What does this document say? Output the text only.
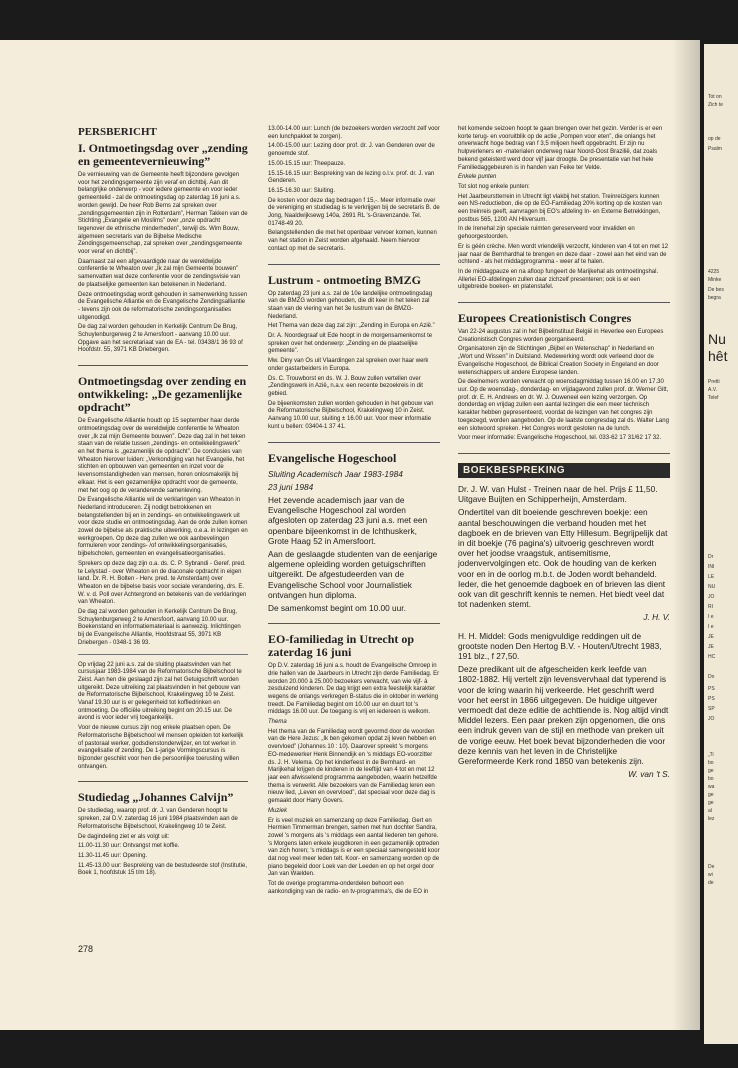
PERSBERICHT
I. Ontmoetingsdag over „zending en gemeentevernieuwing”

De vernieuwing van de Gemeente heeft bijzondere gevolgen voor het zendingsgemeente zijn veraf en dichtbij. Aan dit belangrijke onderwerp - voor iedere gemeente en voor ieder gemeentelid - zal de ontmoetingsdag op zaterdag 16 juni a.s. worden gewijd. De heer Rob Berns zal spreken over „zendingsgemeenten zijn in Rotterdam”, Herman Takken van de Stichting „Evangelie en Moslims” over „onze opdracht tegenover de ethnische minderheden”, terwijl ds. Wim Bouw, algemeen secretaris van de Bijbelse Medische Zendingsgemeenschap, zal spreken over „zendingsgemeente voor veraf en dichtbij”.

Daarnaast zal een afgevaardigde naar de wereldwijde conferentie te Wheaton over „Ik zal mijn Gemeente bouwen” samenvatten wat deze conferentie voor de zendingsvisie van de plaatselijke gemeenten kan betekenen in Nederland.

Deze ontmoetingsdag wordt gehouden in samenwerking tussen de Evangelische Alliantie en de Evangelische Zendingsalliantie - tevens zijn ook de reformatorische zendingsorganisaties uitgenodigd.

De dag zal worden gehouden in Kerkelijk Centrum De Brug, Schuylenburgerweg 2 te Amersfoort - aanvang 10.00 uur. Opgave aan het secretariaat van de EA - tel. 03438/1 36 93 of Hoofdstr. 55, 3971 KB Driebergen.

Ontmoetingsdag over zending en ontwikkeling: „De gezamenlijke opdracht”

De Evangelische Alliantie houdt op 15 september haar derde ontmoetingsdag over de wereldwijde conferentie te Wheaton over „Ik zal mijn Gemeente bouwen”. Deze dag zal in het teken staan van de relatie tussen „zendings- en ontwikkelingswerk” en het thema is „gezamenlijk de opdracht”. De conclusies van Wheaton hierover luiden: „Verkondiging van het Evangelie, het stichten en opbouwen van gemeenten en inzet voor de levensomstandigheden van mensen, horen onlosmakelijk bij elkaar. Het is een gezamenlijke opdracht voor de gemeente, met het oog op de veranderende samenleving.

De Evangelische Alliantie wil de verklaringen van Wheaton in Nederland introduceren. Zij nodigt betrokkenen en belangstellenden bij en in zendings- en ontwikkelingswerk uit voor deze studie en ontmoetingsdag. Aan de orde zullen komen zowel de bijbelse als praktische uitwerking, o.e.a. in lezingen en werkgroepen. Op deze dag zullen we ook aanbevelingen formuleren voor zendings- /of ontwikkelingsorganisaties, bijbelscholen, gemeenten en evangelisatieorganisaties.

Sprekers op deze dag zijn o.a. ds. C. P. Sybrandi - Geref. pred. te Lelystad - over Wheaton en de diaconale opdracht in eigen land. Dr. R. H. Bolten - Herv. pred. te Amsterdam) over Wheaton en de bijbelse basis voor sociale verandering, drs. E. W. v. d. Poll over Achtergrond en betekenis van de verklaringen van Wheaton.

De dag zal worden gehouden in Kerkelijk Centrum De Brug, Schuylenburgerweg 2 te Amersfoort, aanvang 10.00 uur. Boekenstand en informatiemateriaal is aanwezig. Inlichtingen bij de Evangelische Alliantie, Hoofdstraat 55, 3971 KB Driebergen - 0348-1 36 93.

Op vrijdag 22 juni a.s. zal de sluiting plaatsvinden van het cursusjaar 1983-1984 van de Reformatorische Bijbelschool te Zeist. Aan hen die geslaagd zijn zal het Getuigschrift worden uitgereikt. Deze uitreiking zal plaatsvinden in het gebouw van de Reformatorische Bijbelschool, Krakelingweg 10 te Zeist. Vanaf 19.30 uur is er gelegenheid tot koffiedrinken en ontmoeting. De officiële uitreiking begint om 20.15 uur. De avond is voor ieder vrij toegankelijk.

Voor de nieuwe cursus zijn nog enkele plaatsen open. De Reformatorische Bijbelschool wil mensen opleiden tot kerkelijk of pastoraal werker, godsdienstonderwijzer, en tot werker in evangelisatie of zending. De 1-jarige Vormingscursus is bijzonder geschikt voor hen die persoonlijke toerusting willen ontvangen.

Studiedag „Johannes Calvijn”

De studiedag, waarop prof. dr. J. van Genderen hoopt te spreken, zal D.V. zaterdag 16 juni 1984 plaatsvinden aan de Reformatorische Bijbelschool, Krakelingweg 10 te Zeist.

De dagindeling ziet er als volgt uit:

11.00-11.30 uur: Ontvangst met koffie.

11.30-11.45 uur: Opening.

11.45-13.00 uur: Bespreking van de bestudeerde stof (Institutie, Boek 1, hoofdstuk 15 t/m 18).

13.00-14.00 uur: Lunch (de bezoekers worden verzocht zelf voor een lunchpakket te zorgen).

14.00-15.00 uur: Lezing door prof. dr. J. van Genderen over de genoemde stof.

15.00-15.15 uur: Theepauze.

15.15-16.15 uur: Bespreking van de lezing o.l.v. prof. dr. J. van Genderen.

16.15-16.30 uur: Sluiting.

De kosten voor deze dag bedragen f 15,-. Meer informatie over de vereniging en studiedag is te verkrijgen bij de secretaris B. de Jong, Naaldwijksewg 140a, 2691 RL 's-Gravenzande. Tel. 01748-49 20.

Belangstellenden die met het openbaar vervoer komen, kunnen van het station in Zeist worden afgehaald. Neem hiervoor contact op met de secretaris.

Lustrum - ontmoeting BMZG

Op zaterdag 23 juni a.s. zal de 10e landelijke ontmoetingsdag van de BMZG worden gehouden, die dit keer in het teken zal staan van de viering van het 3e lustrum van de BMZG-Nederland.

Het Thema van deze dag zal zijn: „Zending in Europa en Azië.”

Dr. A. Noordegraaf uit Ede hoopt in de morgensamenkomst te spreken over het onderwerp: „Zending en de plaatselijke gemeente”.

Mw. Diny van Os uit Vlaardingen zal spreken over haar werk onder gastarbeiders in Europa.

Ds. C. Trouwborst en ds. W. J. Bouw zullen vertellen over „Zendingswerk in Azië„ n.a.v. een recente bezoekreis in dit gebied.

De bijeenkomsten zullen worden gehouden in het gebouw van de Reformatorische Bijbelschool, Krakelingweg 10 in Zeist. Aanvang 10.00 uur, sluiting ± 16.00 uur. Voor meer informatie kunt u bellen: 03404-1 37 41.

Evangelische Hogeschool

Sluiting Academisch Jaar 1983-1984

23 juni 1984

Het zevende academisch jaar van de Evangelische Hogeschool zal worden afgesloten op zaterdag 23 juni a.s. met een openbare bijeenkomst in de Ichthuskerk, Grote Haag 52 in Amersfoort.

Aan de geslaagde studenten van de eenjarige algemene opleiding worden getuigschriften uitgereikt. De afgestudeerden van de Evangelische School voor Journalistiek ontvangen hun diploma.

De samenkomst begint om 10.00 uur.

EO-familiedag in Utrecht op zaterdag 16 juni

Op D.V. zaterdag 16 juni a.s. houdt de Evangelische Omroep in drie hallen van de Jaarbeurs in Utrecht zijn derde Familiedag. Er worden 20.000 à 25.000 bezoekers verwacht, van wie vijf- à zesduizend kinderen. De dag krijgt een extra feestelijk karakter wegens de onlangs verkregen B-status die in oktober in werking treedt. De Familiedag begint om 10.00 uur en duurt tot 's middags 16.00 uur. De toegang is vrij en iedereen is welkom.

Thema

Het thema van de Familiedag wordt gevormd door de woorden van de Here Jezus: „Ik ben gekomen opdat zij leven hebben en overvloed” (Johannes 10 : 10). Daarover spreekt 's morgens EO-medewerker Henk Binnendijk en 's middags EO-voorzitter ds. J. H. Velema. Op het kinderfeest in de Bernhard- en Marijkehal krijgen de kinderen in de leeftijd van 4 tot en met 12 jaar een afwisselend programma aangeboden, waarin hetzelfde thema is verwerkt. Alle bezoekers van de Familiedag leren een nieuw lied, „Leven en overvloed”, dat speciaal voor deze dag is gemaakt door Harry Govers.

Muziek

Er is veel muziek en samenzang op deze Familiedag. Gert en Hermien Timmerman brengen, samen met hun dochter Sandra, zowel 's morgens als 's middags een aantal liederen ten gehore. 's Morgens laten enkele jeugdkoren in een gezamenlijk optreden van zich horen; 's middags is er een speciaal samengesteld koor dat nog veel meer leden telt. Koor- en samenzang worden op de piano begeleid door Loek van der Leeden en op het orgel door Jan van Wælden.

Tot de overige programma-onderdelen behoort een aankondiging van de radio- en tv-programma's, die de EO in

het komende seizoen hoopt te gaan brengen over het gezin. Verder is er een korte terug- en vooruitblik op de actie „Pompen voor eten”, die onlangs het onverwacht hoge bedrag van f 3,5 miljoen heeft opgebracht. Er zijn nu hulpverleners en -materialen onderweg naar Noord-Oost Brazilië, dat zoals bekend geteisterd werd door vijf jaar droogte. De presentatie van het hele Familiedaggebeuren is in handen van Feike ter Velde.

Enkele punten

Tot slot nog enkele punten:

Het Jaarbeurstterrein in Utrecht ligt vlakbij het station. Treinreizigers kunnen een NS-reductiebon, die op de EO-Familiedag 20% korting op de kosten van een treinreis geeft, aanvragen bij EO's afdeling In- en Externe Betrekkingen, postbus 565, 1200 AN Hilversum.

In de Irenehal zijn speciale ruimten gereserveerd voor invaliden en gehoorgestoorden.

Er is géén crèche. Men wordt vriendelijk verzocht, kinderen van 4 tot en met 12 jaar naar de Bernhardhal te brengen en deze daar - zowel aan het eind van de ochtend - als het middagprogramma - weer af te halen.

In de middagpauze en na afloop fungeert de Marijkehal als ontmoetingshal. Allerlei EO-afdelingen zullen daar zichzelf presenteren; ook is er een uitgebreide boeken- en platenstafel.

Europees Creationistisch Congres

Van 22-24 augustus zal in het Bijbelinstituut België in Heverlee een Europees Creationistisch Congres worden georganiseerd.

Organisatoren zijn de Stichtingen „Bijbel en Wetenschap” in Nederland en „Wort und Wissen” in Duitsland. Medewerking wordt ook verleend door de Evangelische Hogeschool, de Biblical Creation Society in Engeland en door wetenschappers uit andere Europese landen.

De deelnemers worden verwacht op woensdagmiddag tussen 16.00 en 17.30 uur. Op de woensdag-, donderdag- en vrijdagavond zullen prof. dr. Werner Gitt, prof. dr. E. H. Andrews en dr. W. J. Ouweneel een lezing verzorgen. Op donderdag en vrijdag zullen een aantal lezingen die een meer technisch karakter hebben gepresenteerd, voordat de lezingen van het congres zijn toegezegd, worden aangeboden. Op de laatste congresdag zal ds. Walter Lang een slotwoord spreken. Het Congres wordt gesloten na de lunch.

Voor meer informatie: Evangelische Hogeschool, tel. 033-62 17 31/62 17 32.

BOEKBESPREKING

Dr. J. W. van Hulst - Treinen naar de hel. Prijs £ 11,50. Uitgave Buijten en Schipperheijn, Amsterdam.

Ondertitel van dit boeiende geschreven boekje: een aantal beschouwingen die verband houden met het dagboek en de brieven van Etty Hillesum. Begrijpelijk dat in dit boekje (76 pagina's) uitvoerig geschreven wordt over het joodse vraagstuk, antisemitisme, jodenvervolgingen etc. Ook de houding van de kerken voor en in de oorlog m.b.t. de Joden wordt behandeld. Ieder, die het genoemde dagboek en of brieven las dient ook van dit geschrift kennis te nemen. Het biedt veel dat tot nadenken stemt.

J. H. V.

H. H. Middel: Gods menigvuldige reddingen uit de grootste noden Den Hertog B.V. - Houten/Utrecht 1983, 191 blz., f 27,50.

Deze predikant uit de afgescheiden kerk leefde van 1802-1882. Hij vertelt zijn levensvervhaal dat typerend is voor de kring waarin hij verkeerde. Het geschrift werd voor het eerst in 1866 uitgegeven. De huidige uitgever vermoedt dat deze editie de achttiende is. Nog altijd vindt Middel lezers. Een paar preken zijn opgenomen, die ons een indruk geven van de stijl en methode van preken uit de vorige eeuw. Het boek bevat bijzonderheden die voor deze kennis van het leven in de Christelijke Gereformeerde Kerk rond 1850 van betekenis zijn.

W. van 't S.

278
Tot on
Zich te
op de
Psalm
4225
Minke
De bes
begra
Nu
hêt
Pretti
A.V.
Telef
Dr
INI
LE
NU
JO
RI
I e
I e
JE
JE
HC
Do
PS
PS
SP
JO
„Ti
bo
ge
bo
wa
ge
ge
al
lez
De
wi
de
